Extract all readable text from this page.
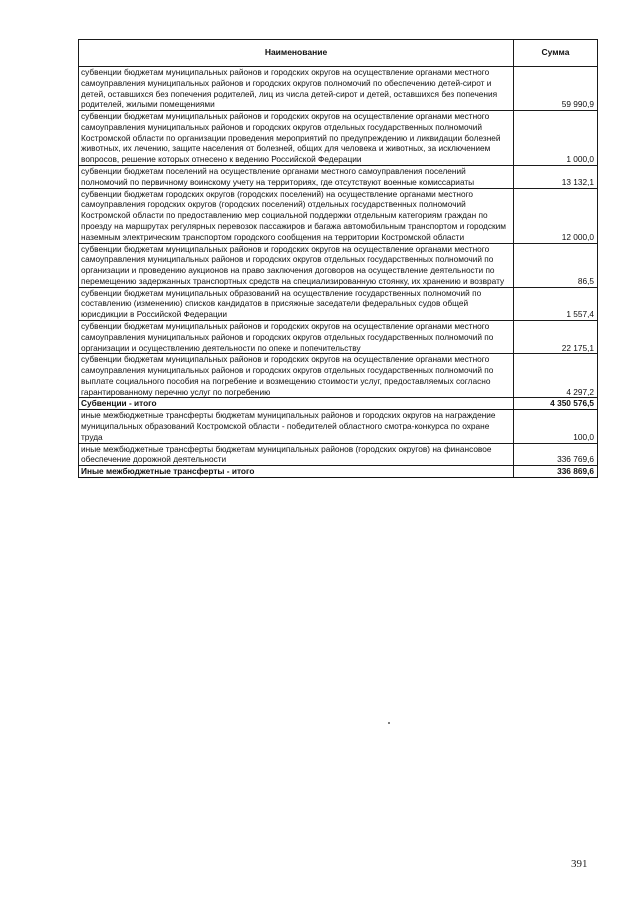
Наименование	Сумма
субвенции бюджетам муниципальных районов и городских округов на осуществление органами местного самоуправления муниципальных районов и городских округов полномочий по обеспечению детей-сирот и детей, оставшихся без попечения родителей, лиц из числа детей-сирот и детей, оставшихся без попечения родителей, жилыми помещениями	59 990,9
субвенции бюджетам муниципальных районов и городских округов на осуществление органами местного самоуправления муниципальных районов и городских округов отдельных государственных полномочий Костромской области по организации проведения мероприятий по предупреждению и ликвидации болезней животных, их лечению, защите населения от болезней, общих для человека и животных, за исключением вопросов, решение которых отнесено к ведению Российской Федерации	1 000,0
субвенции бюджетам поселений на осуществление органами местного самоуправления поселений полномочий по первичному воинскому учету на территориях, где отсутствуют военные комиссариаты	13 132,1
субвенции бюджетам городских округов (городских поселений) на осуществление органами местного самоуправления городских округов (городских поселений) отдельных государственных полномочий Костромской области по предоставлению мер социальной поддержки отдельным категориям граждан по проезду на маршрутах регулярных перевозок пассажиров и багажа автомобильным транспортом и городским наземным электрическим транспортом городского сообщения на территории Костромской области	12 000,0
субвенции бюджетам муниципальных районов и городских округов на осуществление органами местного самоуправления муниципальных районов и городских округов отдельных государственных полномочий по организации и проведению аукционов на право заключения договоров на осуществление деятельности по перемещению задержанных транспортных средств на специализированную стоянку, их хранению и возврату	86,5
субвенции бюджетам муниципальных образований на осуществление государственных полномочий по составлению (изменению) списков кандидатов в присяжные заседатели федеральных судов общей юрисдикции в Российской Федерации	1 557,4
субвенции бюджетам муниципальных районов и городских округов на осуществление органами местного самоуправления муниципальных районов и городских округов отдельных государственных полномочий по организации и осуществлению деятельности по опеке и попечительству	22 175,1
субвенции бюджетам муниципальных районов и городских округов на осуществление органами местного самоуправления муниципальных районов и городских округов отдельных государственных полномочий по выплате социального пособия на погребение и возмещению стоимости услуг, предоставляемых согласно гарантированному перечню услуг по погребению	4 297,2
Субвенции - итого	4 350 576,5
иные межбюджетные трансферты бюджетам муниципальных районов и городских округов на награждение муниципальных образований Костромской области - победителей областного смотра-конкурса по охране труда	100,0
иные межбюджетные трансферты бюджетам муниципальных районов (городских округов) на финансовое обеспечение дорожной деятельности	336 769,6
Иные межбюджетные трансферты - итого	336 869,6
391
